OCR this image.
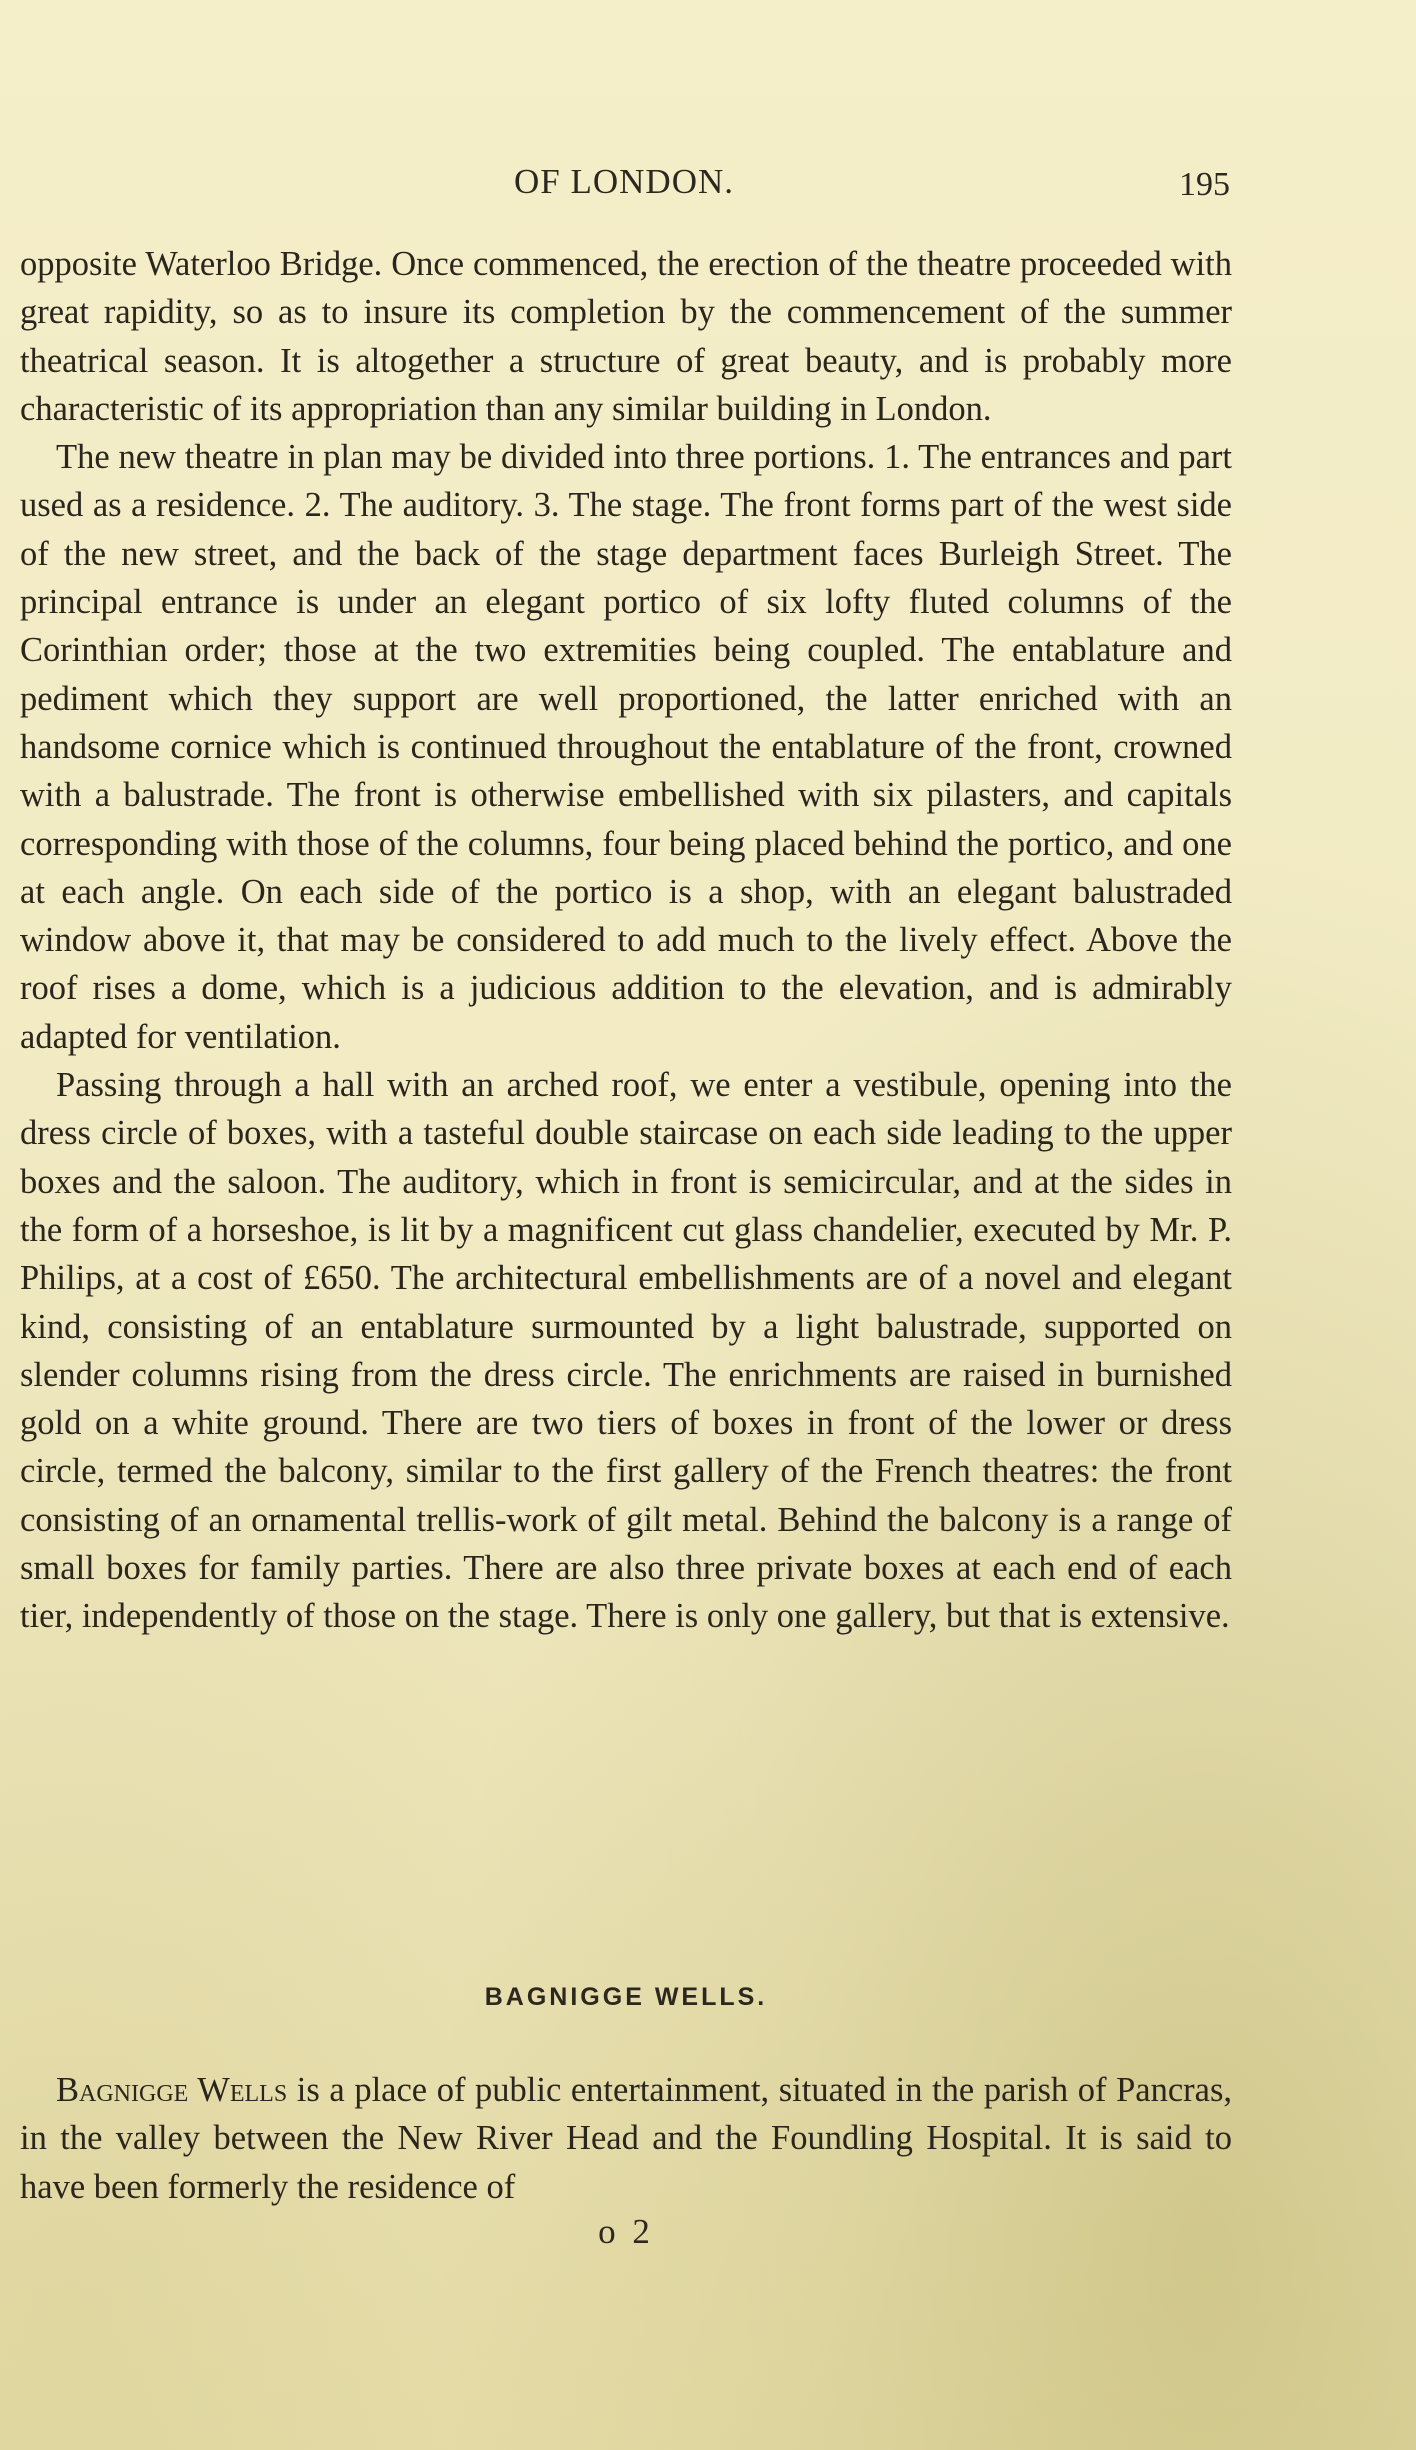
OF LONDON.	195

opposite Waterloo Bridge. Once commenced, the erection of the theatre proceeded with great rapidity, so as to insure its completion by the commencement of the summer theatrical season. It is altogether a structure of great beauty, and is probably more characteristic of its appropriation than any similar building in London.

The new theatre in plan may be divided into three portions. 1. The entrances and part used as a residence. 2. The auditory. 3. The stage. The front forms part of the west side of the new street, and the back of the stage department faces Burleigh Street. The principal entrance is under an elegant portico of six lofty fluted columns of the Corinthian order; those at the two extremities being coupled. The entablature and pediment which they support are well proportioned, the latter enriched with an handsome cornice which is continued throughout the entablature of the front, crowned with a balustrade. The front is otherwise embellished with six pilasters, and capitals corresponding with those of the columns, four being placed behind the portico, and one at each angle. On each side of the portico is a shop, with an elegant balustraded window above it, that may be considered to add much to the lively effect. Above the roof rises a dome, which is a judicious addition to the elevation, and is admirably adapted for ventilation.

Passing through a hall with an arched roof, we enter a vestibule, opening into the dress circle of boxes, with a tasteful double staircase on each side leading to the upper boxes and the saloon. The auditory, which in front is semicircular, and at the sides in the form of a horseshoe, is lit by a magnificent cut glass chandelier, executed by Mr. P. Philips, at a cost of £650. The architectural embellishments are of a novel and elegant kind, consisting of an entablature surmounted by a light balustrade, supported on slender columns rising from the dress circle. The enrichments are raised in burnished gold on a white ground. There are two tiers of boxes in front of the lower or dress circle, termed the balcony, similar to the first gallery of the French theatres: the front consisting of an ornamental trellis-work of gilt metal. Behind the balcony is a range of small boxes for family parties. There are also three private boxes at each end of each tier, independently of those on the stage. There is only one gallery, but that is extensive.

BAGNIGGE WELLS.

Bagnigge Wells is a place of public entertainment, situated in the parish of Pancras, in the valley between the New River Head and the Foundling Hospital. It is said to have been formerly the residence of

o 2
